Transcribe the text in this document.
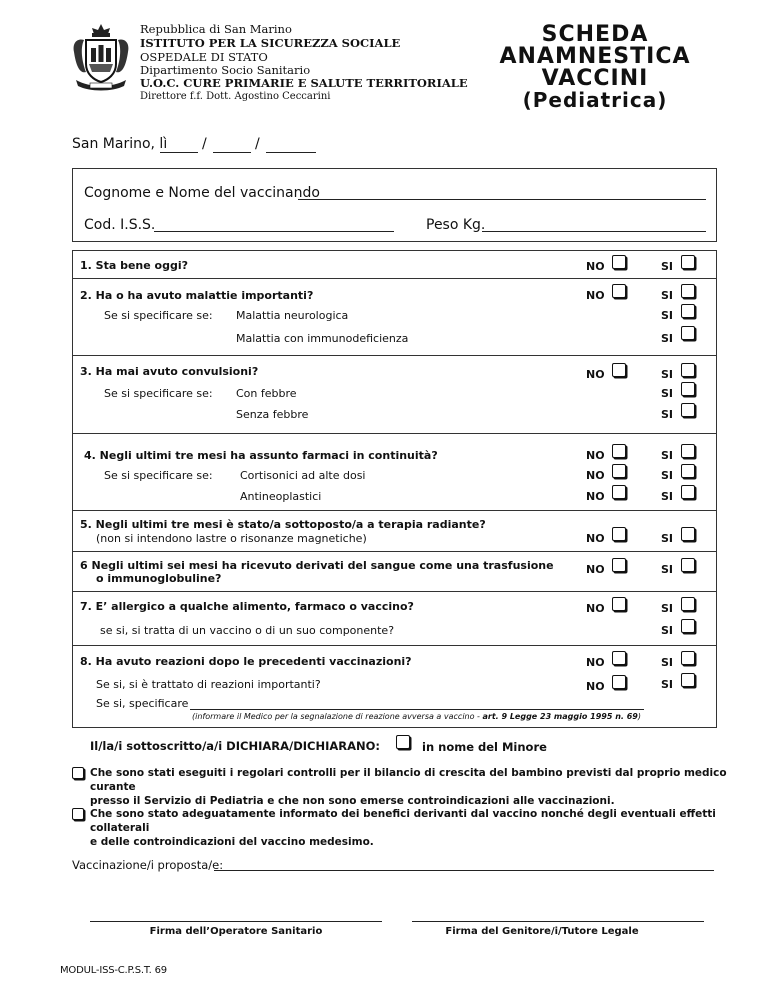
Repubblica di San Marino
ISTITUTO PER LA SICUREZZA SOCIALE
OSPEDALE DI STATO
Dipartimento Socio Sanitario
U.O.C. CURE PRIMARIE E SALUTE TERRITORIALE
Direttore f.f. Dott. Agostino Ceccarini
SCHEDA
ANAMNESTICA
VACCINI
(Pediatrica)
San Marino, lì /	/
Cognome e Nome del vaccinando
Cod. I.S.S.	Peso Kg.
1. Sta bene oggi?	NO	SI
2. Ha o ha avuto malattie importanti?	NO	SI
Se si specificare se: Malattia neurologica	SI
Malattia con immunodeficienza	SI
3. Ha mai avuto convulsioni?	NO	SI
Se si specificare se: Con febbre	SI
Senza febbre	SI
4. Negli ultimi tre mesi ha assunto farmaci in continuità?	NO	SI
Se si specificare se: Cortisonici ad alte dosi	NO	SI
Antineoplastici	NO	SI
5. Negli ultimi tre mesi è stato/a sottoposto/a a terapia radiante?
(non si intendono lastre o risonanze magnetiche)	NO	SI
6 Negli ultimi sei mesi ha ricevuto derivati del sangue come una trasfusione
o immunoglobuline?
NO	SI
7. E’ allergico a qualche alimento, farmaco o vaccino?	NO	SI
se si, si tratta di un vaccino o di un suo componente?	SI
8. Ha avuto reazioni dopo le precedenti vaccinazioni?	NO	SI
Se si, si è trattato di reazioni importanti?	NO	SI
Se si, specificare
(informare il Medico per la segnalazione di reazione avversa a vaccino - art. 9 Legge 23 maggio 1995 n. 69)
Il/la/i sottoscritto/a/i DICHIARA/DICHIARANO:	in nome del Minore
Che sono stati eseguiti i regolari controlli per il bilancio di crescita del bambino previsti dal proprio medico curante
presso il Servizio di Pediatria e che non sono emerse controindicazioni alle vaccinazioni.
Che sono stato adeguatamente informato dei benefici derivanti dal vaccino nonché degli eventuali effetti collaterali
e delle controindicazioni del vaccino medesimo.
Vaccinazione/i proposta/e:
Firma dell’Operatore Sanitario	Firma del Genitore/i/Tutore Legale
MODUL-ISS-C.P.S.T. 69
